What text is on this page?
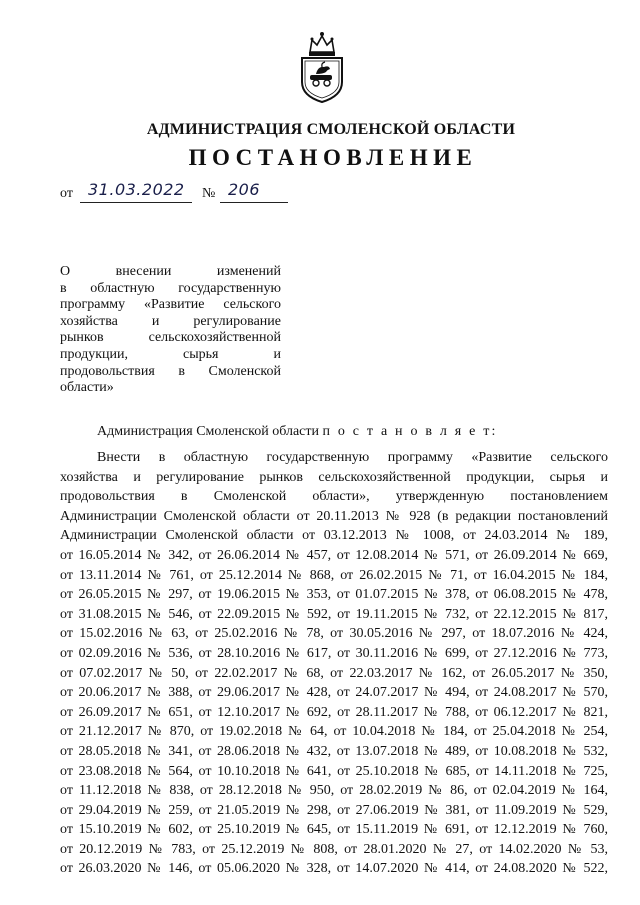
АДМИНИСТРАЦИЯ СМОЛЕНСКОЙ ОБЛАСТИ
ПОСТАНОВЛЕНИЕ
от 31.03.2022 № 206
О внесении изменений
в областную государственную
программу «Развитие сельского
хозяйства и регулирование
рынков сельскохозяйственной
продукции, сырья и
продовольствия в Смоленской
области»
Администрация Смоленской области п о с т а н о в л я е т:
Внести в областную государственную программу «Развитие сельского
хозяйства и регулирование рынков сельскохозяйственной продукции, сырья и
продовольствия в Смоленской области», утвержденную постановлением
Администрации Смоленской области от 20.11.2013 № 928 (в редакции постановлений
Администрации Смоленской области от 03.12.2013 № 1008, от 24.03.2014 № 189,
от 16.05.2014 № 342, от 26.06.2014 № 457, от 12.08.2014 № 571, от 26.09.2014 № 669,
от 13.11.2014 № 761, от 25.12.2014 № 868, от 26.02.2015 № 71, от 16.04.2015 № 184,
от 26.05.2015 № 297, от 19.06.2015 № 353, от 01.07.2015 № 378, от 06.08.2015 № 478,
от 31.08.2015 № 546, от 22.09.2015 № 592, от 19.11.2015 № 732, от 22.12.2015 № 817,
от 15.02.2016 № 63, от 25.02.2016 № 78, от 30.05.2016 № 297, от 18.07.2016 № 424,
от 02.09.2016 № 536, от 28.10.2016 № 617, от 30.11.2016 № 699, от 27.12.2016 № 773,
от 07.02.2017 № 50, от 22.02.2017 № 68, от 22.03.2017 № 162, от 26.05.2017 № 350,
от 20.06.2017 № 388, от 29.06.2017 № 428, от 24.07.2017 № 494, от 24.08.2017 № 570,
от 26.09.2017 № 651, от 12.10.2017 № 692, от 28.11.2017 № 788, от 06.12.2017 № 821,
от 21.12.2017 № 870, от 19.02.2018 № 64, от 10.04.2018 № 184, от 25.04.2018 № 254,
от 28.05.2018 № 341, от 28.06.2018 № 432, от 13.07.2018 № 489, от 10.08.2018 № 532,
от 23.08.2018 № 564, от 10.10.2018 № 641, от 25.10.2018 № 685, от 14.11.2018 № 725,
от 11.12.2018 № 838, от 28.12.2018 № 950, от 28.02.2019 № 86, от 02.04.2019 № 164,
от 29.04.2019 № 259, от 21.05.2019 № 298, от 27.06.2019 № 381, от 11.09.2019 № 529,
от 15.10.2019 № 602, от 25.10.2019 № 645, от 15.11.2019 № 691, от 12.12.2019 № 760,
от 20.12.2019 № 783, от 25.12.2019 № 808, от 28.01.2020 № 27, от 14.02.2020 № 53,
от 26.03.2020 № 146, от 05.06.2020 № 328, от 14.07.2020 № 414, от 24.08.2020 № 522,
